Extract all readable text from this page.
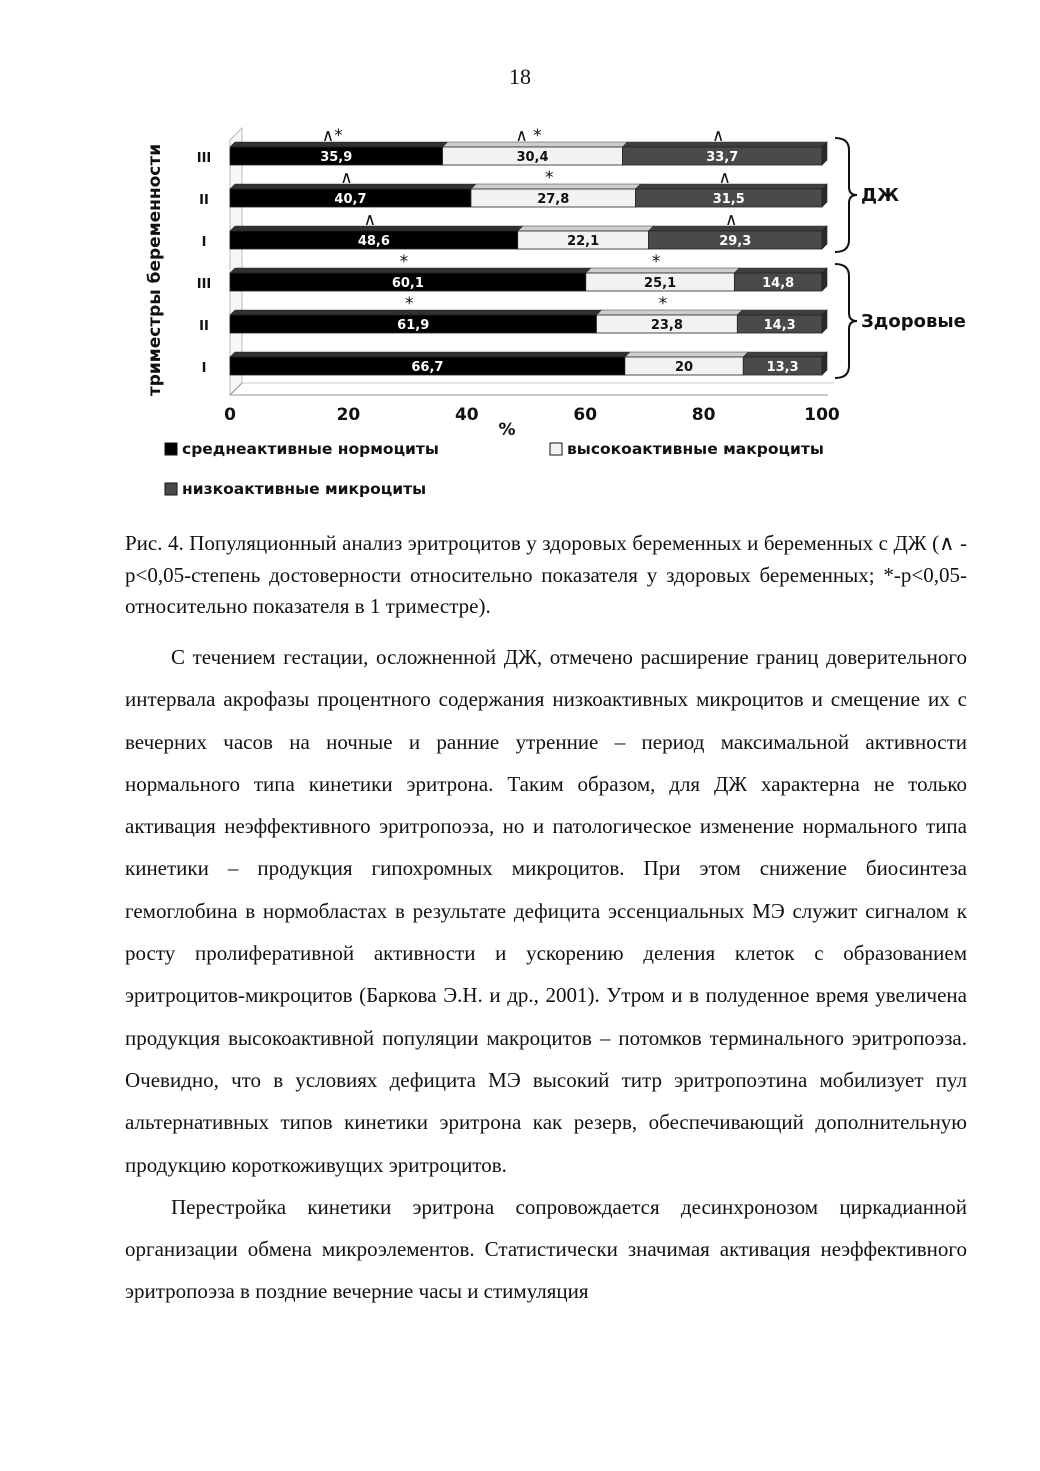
18
триместры беременности
%
0	20	40	60	80	100
III
II
I
III
II
I
35,9
∧*
30,4
∧ *
33,7
∧
40,7
∧
27,8
*
31,5
∧
48,6
∧
22,1	29,3
∧
60,1
*
25,1
*
14,8
61,9
*
23,8
*
14,3
66,7	20	13,3
ДЖ
Здоровые
среднеактивные нормоциты	высокоактивные макроциты
низкоактивные микроциты
Рис. 4. Популяционный анализ эритроцитов у здоровых беременных и беременных с ДЖ (∧ -p<0,05-степень достоверности относительно показателя у здоровых беременных; *-p<0,05-относительно показателя в 1 триместре).

С течением гестации, осложненной ДЖ, отмечено расширение границ доверительного интервала акрофазы процентного содержания низкоактивных микроцитов и смещение их с вечерних часов на ночные и ранние утренние – период максимальной активности нормального типа кинетики эритрона. Таким образом, для ДЖ характерна не только активация неэффективного эритропоэза, но и патологическое изменение нормального типа кинетики – продукция гипохромных микроцитов. При этом снижение биосинтеза гемоглобина в нормобластах в результате дефицита эссенциальных МЭ служит сигналом к росту пролиферативной активности и ускорению деления клеток с образованием эритроцитов-микроцитов (Баркова Э.Н. и др., 2001). Утром и в полуденное время увеличена продукция высокоактивной популяции макроцитов – потомков терминального эритропоэза. Очевидно, что в условиях дефицита МЭ высокий титр эритропоэтина мобилизует пул альтернативных типов кинетики эритрона как резерв, обеспечивающий дополнительную продукцию короткоживущих эритроцитов.

Перестройка кинетики эритрона сопровождается десинхронозом циркадианной организации обмена микроэлементов. Статистически значимая активация неэффективного эритропоэза в поздние вечерние часы и стимуляция
